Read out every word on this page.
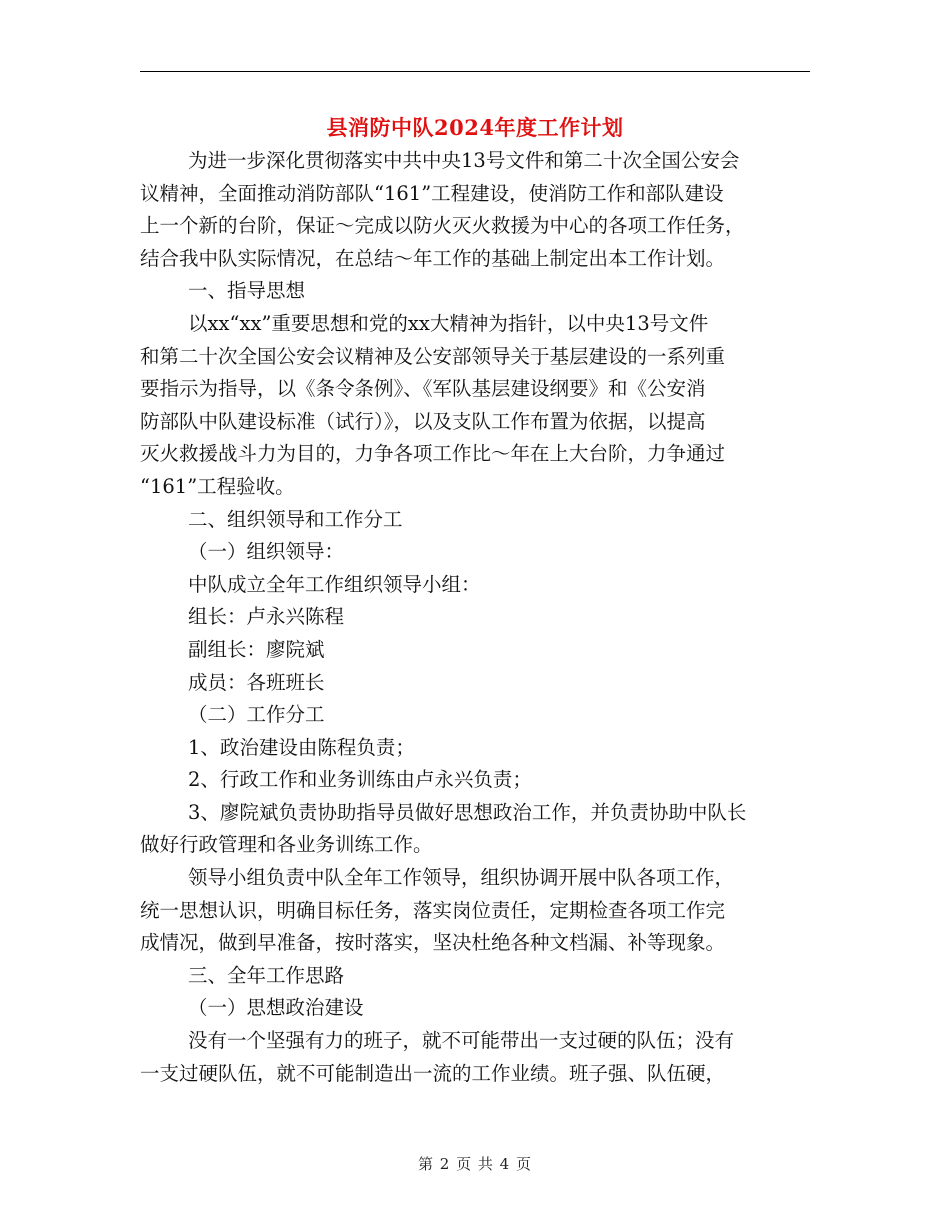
县消防中队2024年度工作计划

为进一步深化贯彻落实中共中央13号文件和第二十次全国公安会

议精神，全面推动消防部队“161”工程建设，使消防工作和部队建设

上一个新的台阶，保证～完成以防火灭火救援为中心的各项工作任务，

结合我中队实际情况，在总结～年工作的基础上制定出本工作计划。

一、指导思想

以xx“xx”重要思想和党的xx大精神为指针，以中央13号文件

和第二十次全国公安会议精神及公安部领导关于基层建设的一系列重

要指示为指导，以《条令条例》、《军队基层建设纲要》和《公安消

防部队中队建设标准（试行）》，以及支队工作布置为依据，以提高

灭火救援战斗力为目的，力争各项工作比～年在上大台阶，力争通过

“161”工程验收。

二、组织领导和工作分工

（一）组织领导：

中队成立全年工作组织领导小组：

组长：卢永兴陈程

副组长：廖院斌

成员：各班班长

（二）工作分工

1、政治建设由陈程负责；

2、行政工作和业务训练由卢永兴负责；

3、廖院斌负责协助指导员做好思想政治工作，并负责协助中队长

做好行政管理和各业务训练工作。

领导小组负责中队全年工作领导，组织协调开展中队各项工作，

统一思想认识，明确目标任务，落实岗位责任，定期检查各项工作完

成情况，做到早准备，按时落实，坚决杜绝各种文档漏、补等现象。

三、全年工作思路

（一）思想政治建设

没有一个坚强有力的班子，就不可能带出一支过硬的队伍；没有

一支过硬队伍，就不可能制造出一流的工作业绩。班子强、队伍硬，

第 2 页 共 4 页
